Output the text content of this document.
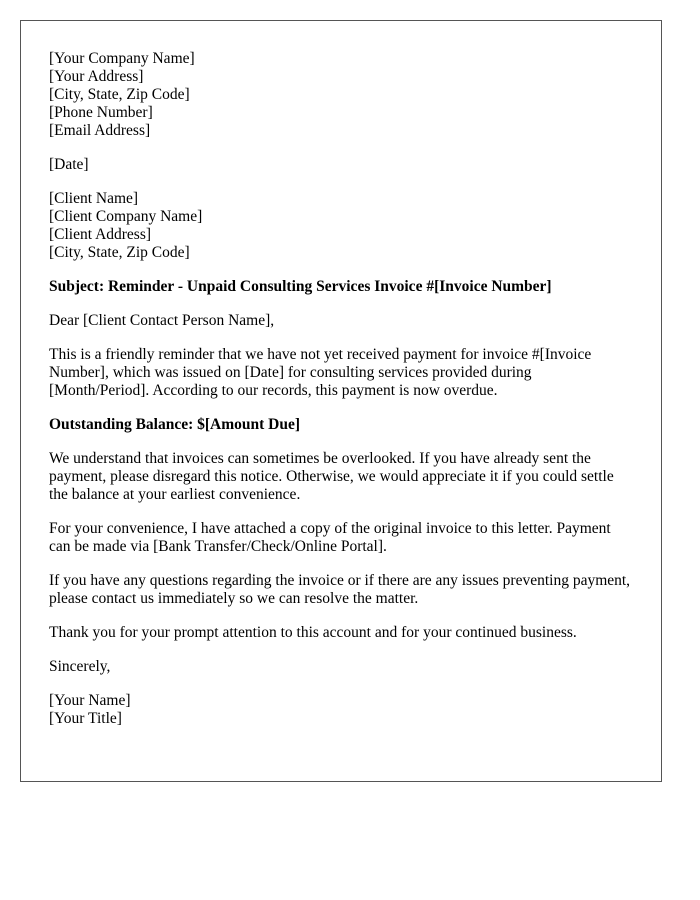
[Your Company Name]
[Your Address]
[City, State, Zip Code]
[Phone Number]
[Email Address]

[Date]

[Client Name]
[Client Company Name]
[Client Address]
[City, State, Zip Code]

Subject: Reminder - Unpaid Consulting Services Invoice #[Invoice Number]

Dear [Client Contact Person Name],

This is a friendly reminder that we have not yet received payment for invoice #[Invoice Number], which was issued on [Date] for consulting services provided during [Month/Period]. According to our records, this payment is now overdue.

Outstanding Balance: $[Amount Due]

We understand that invoices can sometimes be overlooked. If you have already sent the payment, please disregard this notice. Otherwise, we would appreciate it if you could settle the balance at your earliest convenience.

For your convenience, I have attached a copy of the original invoice to this letter. Payment can be made via [Bank Transfer/Check/Online Portal].

If you have any questions regarding the invoice or if there are any issues preventing payment, please contact us immediately so we can resolve the matter.

Thank you for your prompt attention to this account and for your continued business.

Sincerely,

[Your Name]
[Your Title]
